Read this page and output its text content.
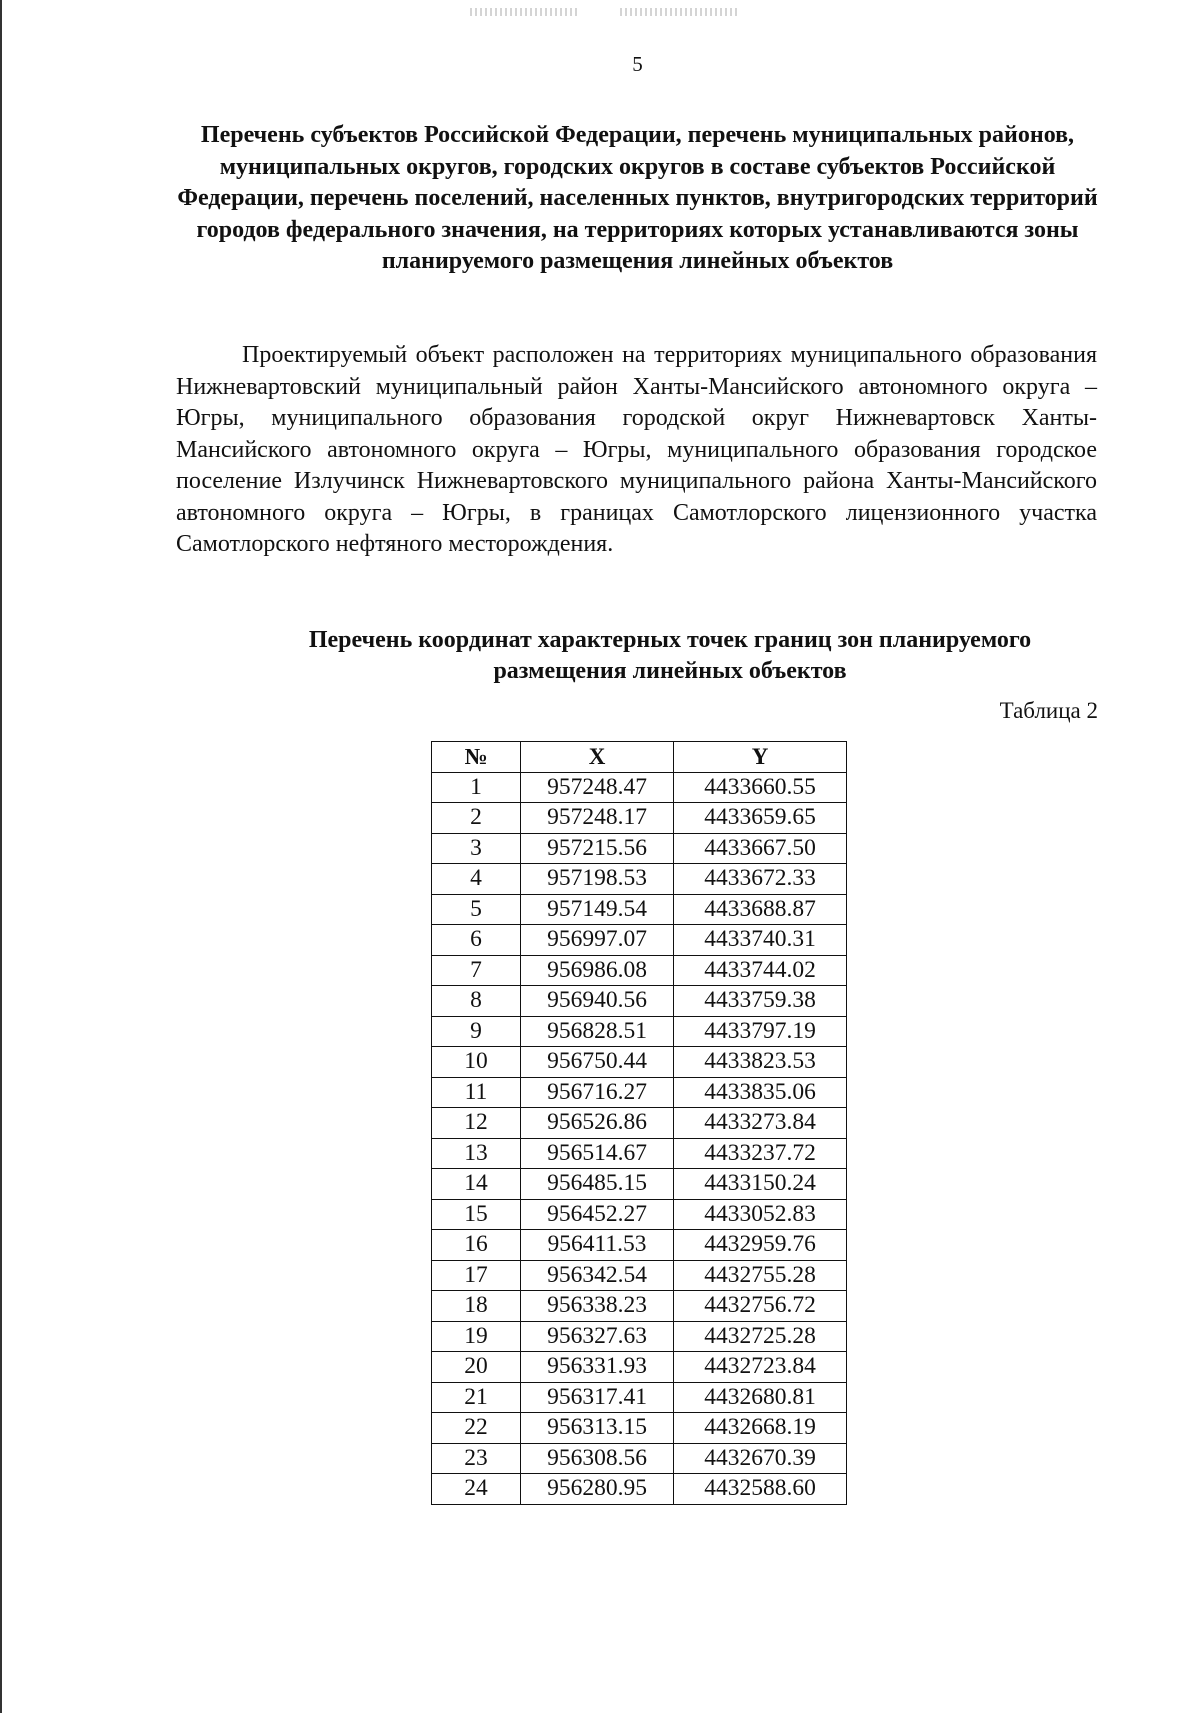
5
Перечень субъектов Российской Федерации, перечень муниципальных районов, муниципальных округов, городских округов в составе субъектов Российской Федерации, перечень поселений, населенных пунктов, внутригородских территорий городов федерального значения, на территориях которых устанавливаются зоны планируемого размещения линейных объектов
Проектируемый объект расположен на территориях муниципального образования Нижневартовский муниципальный район Ханты-Мансийского автономного округа – Югры, муниципального образования городской округ Нижневартовск Ханты-Мансийского автономного округа – Югры, муниципального образования городское поселение Излучинск Нижневартовского муниципального района Ханты-Мансийского автономного округа – Югры, в границах Самотлорского лицензионного участка Самотлорского нефтяного месторождения.
Перечень координат характерных точек границ зон планируемого размещения линейных объектов
Таблица 2
№	X	Y
1	957248.47	4433660.55
2	957248.17	4433659.65
3	957215.56	4433667.50
4	957198.53	4433672.33
5	957149.54	4433688.87
6	956997.07	4433740.31
7	956986.08	4433744.02
8	956940.56	4433759.38
9	956828.51	4433797.19
10	956750.44	4433823.53
11	956716.27	4433835.06
12	956526.86	4433273.84
13	956514.67	4433237.72
14	956485.15	4433150.24
15	956452.27	4433052.83
16	956411.53	4432959.76
17	956342.54	4432755.28
18	956338.23	4432756.72
19	956327.63	4432725.28
20	956331.93	4432723.84
21	956317.41	4432680.81
22	956313.15	4432668.19
23	956308.56	4432670.39
24	956280.95	4432588.60
